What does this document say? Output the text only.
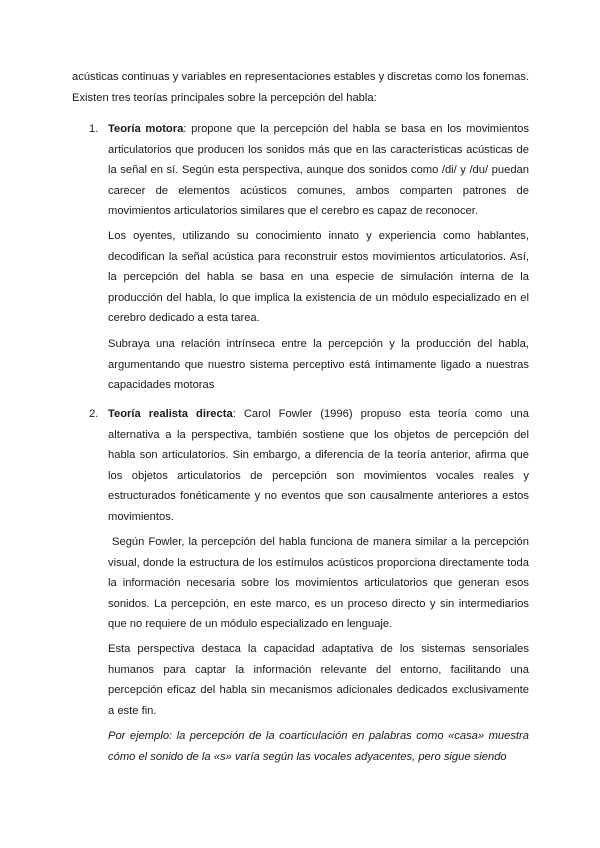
acústicas continuas y variables en representaciones estables y discretas como los fonemas.

Existen tres teorías principales sobre la percepción del habla:

1. Teoría motora: propone que la percepción del habla se basa en los movimientos articulatorios que producen los sonidos más que en las características acústicas de la señal en sí. Según esta perspectiva, aunque dos sonidos como /di/ y /du/ puedan carecer de elementos acústicos comunes, ambos comparten patrones de movimientos articulatorios similares que el cerebro es capaz de reconocer.

Los oyentes, utilizando su conocimiento innato y experiencia como hablantes, decodifican la señal acústica para reconstruir estos movimientos articulatorios. Así, la percepción del habla se basa en una especie de simulación interna de la producción del habla, lo que implica la existencia de un módulo especializado en el cerebro dedicado a esta tarea.

Subraya una relación intrínseca entre la percepción y la producción del habla, argumentando que nuestro sistema perceptivo está íntimamente ligado a nuestras capacidades motoras

2. Teoría realista directa: Carol Fowler (1996) propuso esta teoría como una alternativa a la perspectiva, también sostiene que los objetos de percepción del habla son articulatorios. Sin embargo, a diferencia de la teoría anterior, afirma que los objetos articulatorios de percepción son movimientos vocales reales y estructurados fonéticamente y no eventos que son causalmente anteriores a estos movimientos.

Según Fowler, la percepción del habla funciona de manera similar a la percepción visual, donde la estructura de los estímulos acústicos proporciona directamente toda la información necesaria sobre los movimientos articulatorios que generan esos sonidos. La percepción, en este marco, es un proceso directo y sin intermediarios que no requiere de un módulo especializado en lenguaje.

Esta perspectiva destaca la capacidad adaptativa de los sistemas sensoriales humanos para captar la información relevante del entorno, facilitando una percepción eficaz del habla sin mecanismos adicionales dedicados exclusivamente a este fin.

Por ejemplo: la percepción de la coarticulación en palabras como «casa» muestra cómo el sonido de la «s» varía según las vocales adyacentes, pero sigue siendo
